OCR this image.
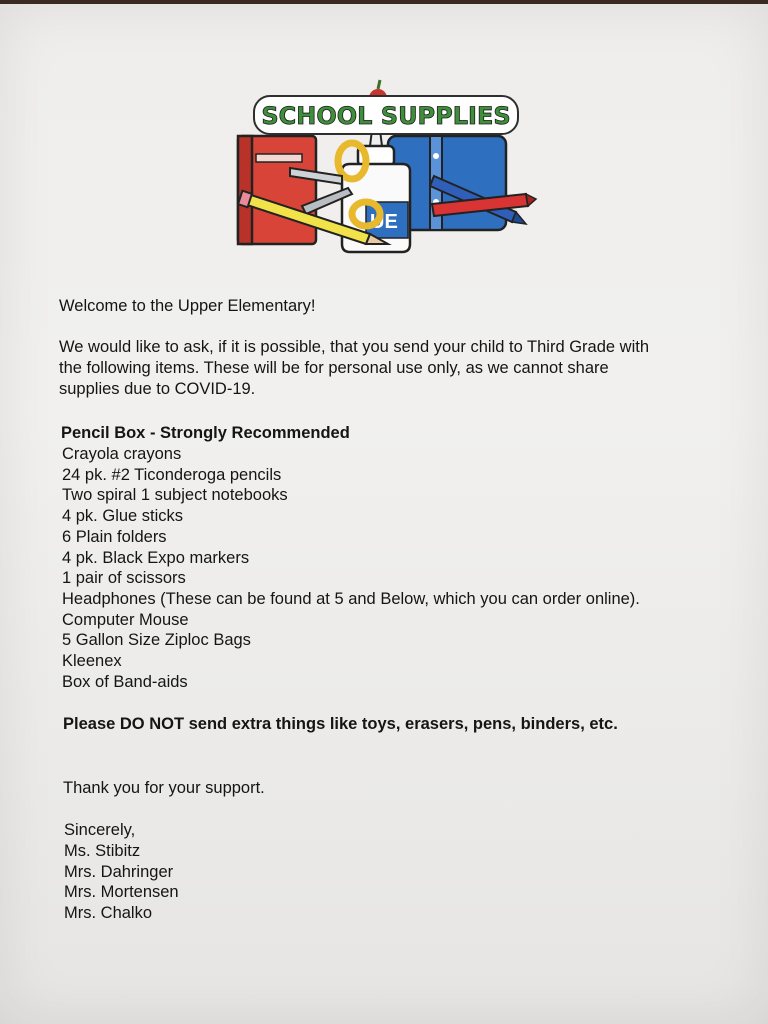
UE
SCHOOL SUPPLIES
Welcome to the Upper Elementary!
We would like to ask, if it is possible, that you send your child to Third Grade with
the following items. These will be for personal use only, as we cannot share
supplies due to COVID-19.
Pencil Box - Strongly Recommended
Crayola crayons
24 pk. #2 Ticonderoga pencils
Two spiral 1 subject notebooks
4 pk. Glue sticks
6 Plain folders
4 pk. Black Expo markers
1 pair of scissors
Headphones (These can be found at 5 and Below, which you can order online).
Computer Mouse
5 Gallon Size Ziploc Bags
Kleenex
Box of Band-aids
Please DO NOT send extra things like toys, erasers, pens, binders, etc.
Thank you for your support.
Sincerely,
Ms. Stibitz
Mrs. Dahringer
Mrs. Mortensen
Mrs. Chalko
